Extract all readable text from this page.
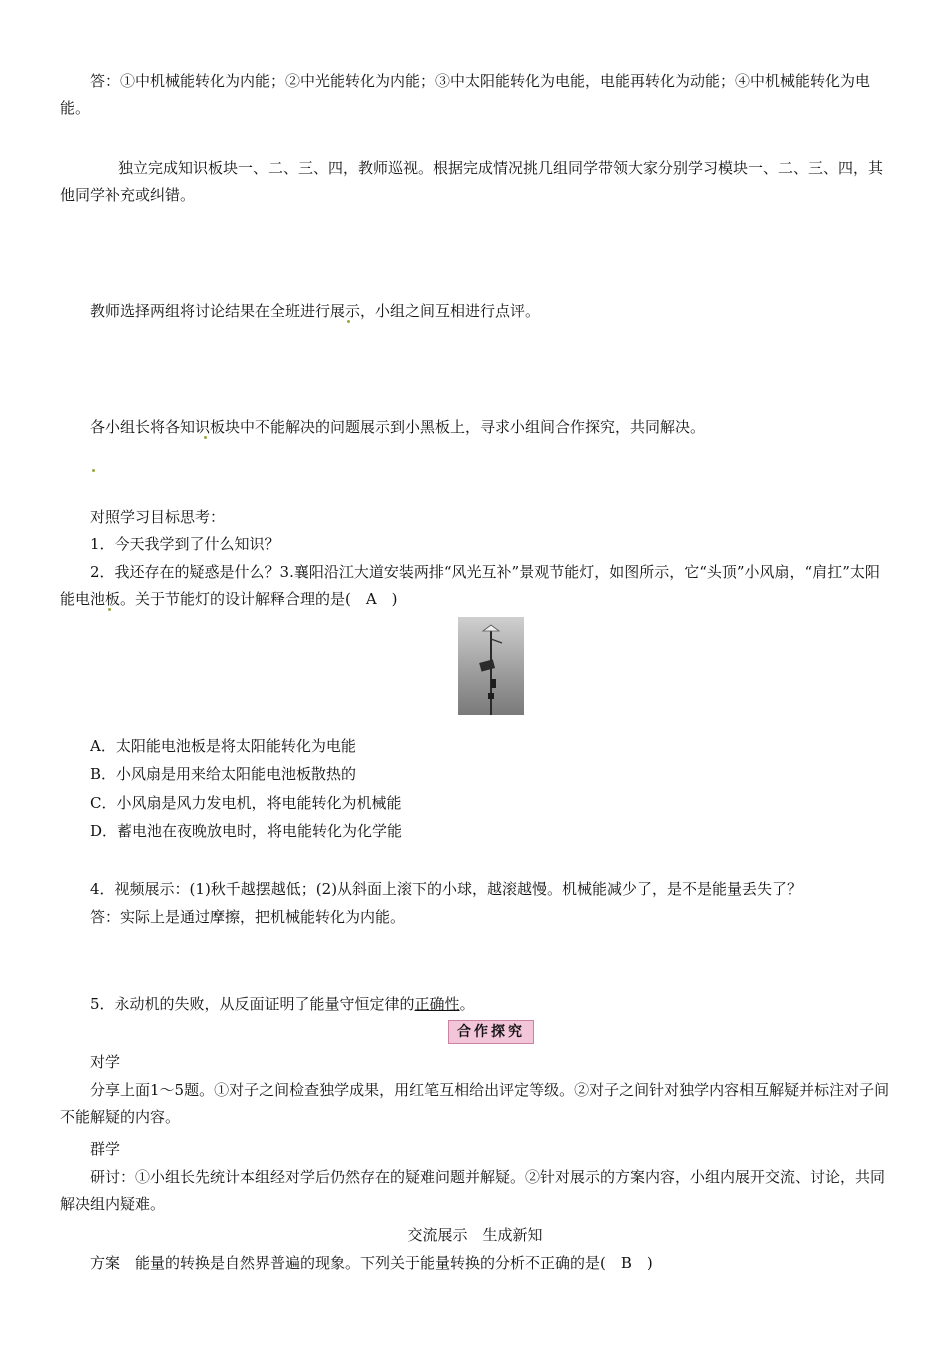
答：①中机械能转化为内能；②中光能转化为内能；③中太阳能转化为电能，电能再转化为动能；④中机械能转化为电能。

独立完成知识板块一、二、三、四，教师巡视。根据完成情况挑几组同学带领大家分别学习模块一、二、三、四，其他同学补充或纠错。

教师选择两组将讨论结果在全班进行展示，小组之间互相进行点评。

各小组长将各知识板块中不能解决的问题展示到小黑板上，寻求小组间合作探究，共同解决。

对照学习目标思考：

1．今天我学到了什么知识？

2．我还存在的疑惑是什么？3.襄阳沿江大道安装两排“风光互补”景观节能灯，如图所示，它“头顶”小风扇，“肩扛”太阳能电池板。关于节能灯的设计解释合理的是(　A　)

A．太阳能电池板是将太阳能转化为电能

B．小风扇是用来给太阳能电池板散热的

C．小风扇是风力发电机，将电能转化为机械能

D．蓄电池在夜晚放电时，将电能转化为化学能

4．视频展示：(1)秋千越摆越低；(2)从斜面上滚下的小球，越滚越慢。机械能减少了，是不是能量丢失了？

答：实际上是通过摩擦，把机械能转化为内能。

5．永动机的失败，从反面证明了能量守恒定律的正确性。

合作探究

对学

分享上面1～5题。①对子之间检查独学成果，用红笔互相给出评定等级。②对子之间针对独学内容相互解疑并标注对子间不能解疑的内容。

群学

研讨：①小组长先统计本组经对学后仍然存在的疑难问题并解疑。②针对展示的方案内容，小组内展开交流、讨论，共同解决组内疑难。

交流展示　生成新知

方案　能量的转换是自然界普遍的现象。下列关于能量转换的分析不正确的是(　B　)
